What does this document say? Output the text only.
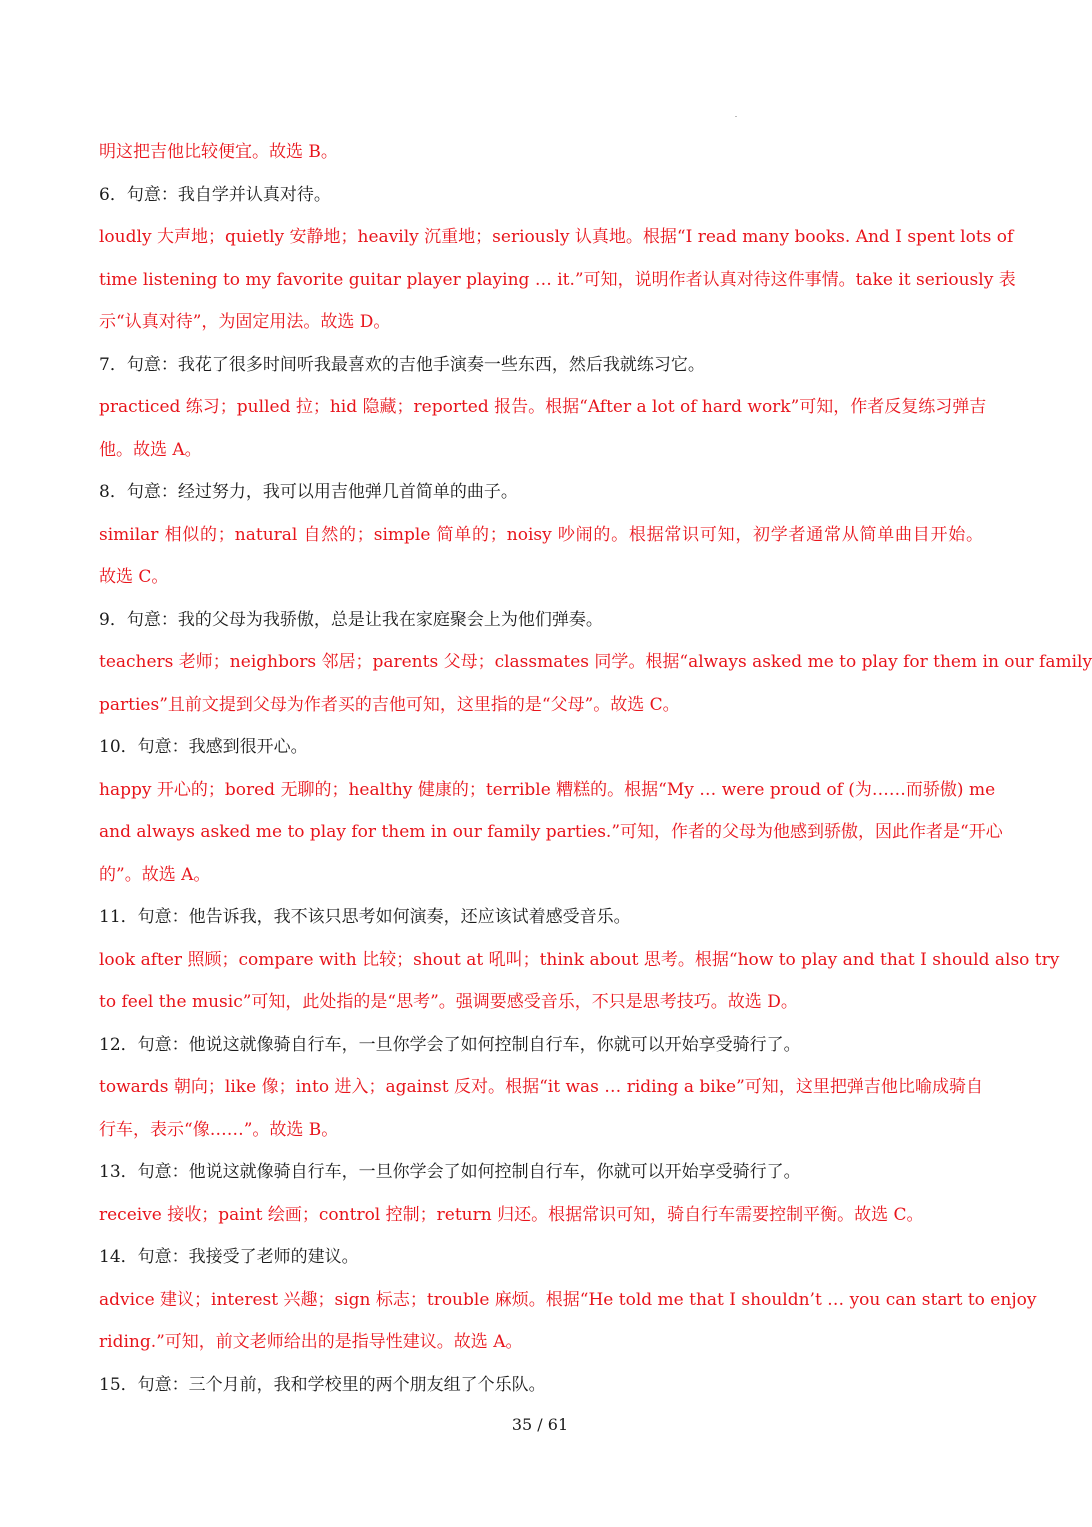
明这把吉他比较便宜。故选 B。
6．句意：我自学并认真对待。
loudly 大声地；quietly 安静地；heavily 沉重地；seriously 认真地。根据“I read many books. And I spent lots of
time listening to my favorite guitar player playing … it.”可知，说明作者认真对待这件事情。take it seriously 表
示“认真对待”，为固定用法。故选 D。
7．句意：我花了很多时间听我最喜欢的吉他手演奏一些东西，然后我就练习它。
practiced 练习；pulled 拉；hid 隐藏；reported 报告。根据“After a lot of hard work”可知，作者反复练习弹吉
他。故选 A。
8．句意：经过努力，我可以用吉他弹几首简单的曲子。
similar 相似的；natural 自然的；simple 简单的；noisy 吵闹的。根据常识可知，初学者通常从简单曲目开始。
故选 C。
9．句意：我的父母为我骄傲，总是让我在家庭聚会上为他们弹奏。
teachers 老师；neighbors 邻居；parents 父母；classmates 同学。根据“always asked me to play for them in our family
parties”且前文提到父母为作者买的吉他可知，这里指的是“父母”。故选 C。
10．句意：我感到很开心。
happy 开心的；bored 无聊的；healthy 健康的；terrible 糟糕的。根据“My … were proud of (为……而骄傲) me
and always asked me to play for them in our family parties.”可知，作者的父母为他感到骄傲，因此作者是“开心
的”。故选 A。
11．句意：他告诉我，我不该只思考如何演奏，还应该试着感受音乐。
look after 照顾；compare with 比较；shout at 吼叫；think about 思考。根据“how to play and that I should also try
to feel the music”可知，此处指的是“思考”。强调要感受音乐，不只是思考技巧。故选 D。
12．句意：他说这就像骑自行车，一旦你学会了如何控制自行车，你就可以开始享受骑行了。
towards 朝向；like 像；into 进入；against 反对。根据“it was … riding a bike”可知，这里把弹吉他比喻成骑自
行车，表示“像……”。故选 B。
13．句意：他说这就像骑自行车，一旦你学会了如何控制自行车，你就可以开始享受骑行了。
receive 接收；paint 绘画；control 控制；return 归还。根据常识可知，骑自行车需要控制平衡。故选 C。
14．句意：我接受了老师的建议。
advice 建议；interest 兴趣；sign 标志；trouble 麻烦。根据“He told me that I shouldn’t … you can start to enjoy
riding.”可知，前文老师给出的是指导性建议。故选 A。
15．句意：三个月前，我和学校里的两个朋友组了个乐队。
35 / 61
